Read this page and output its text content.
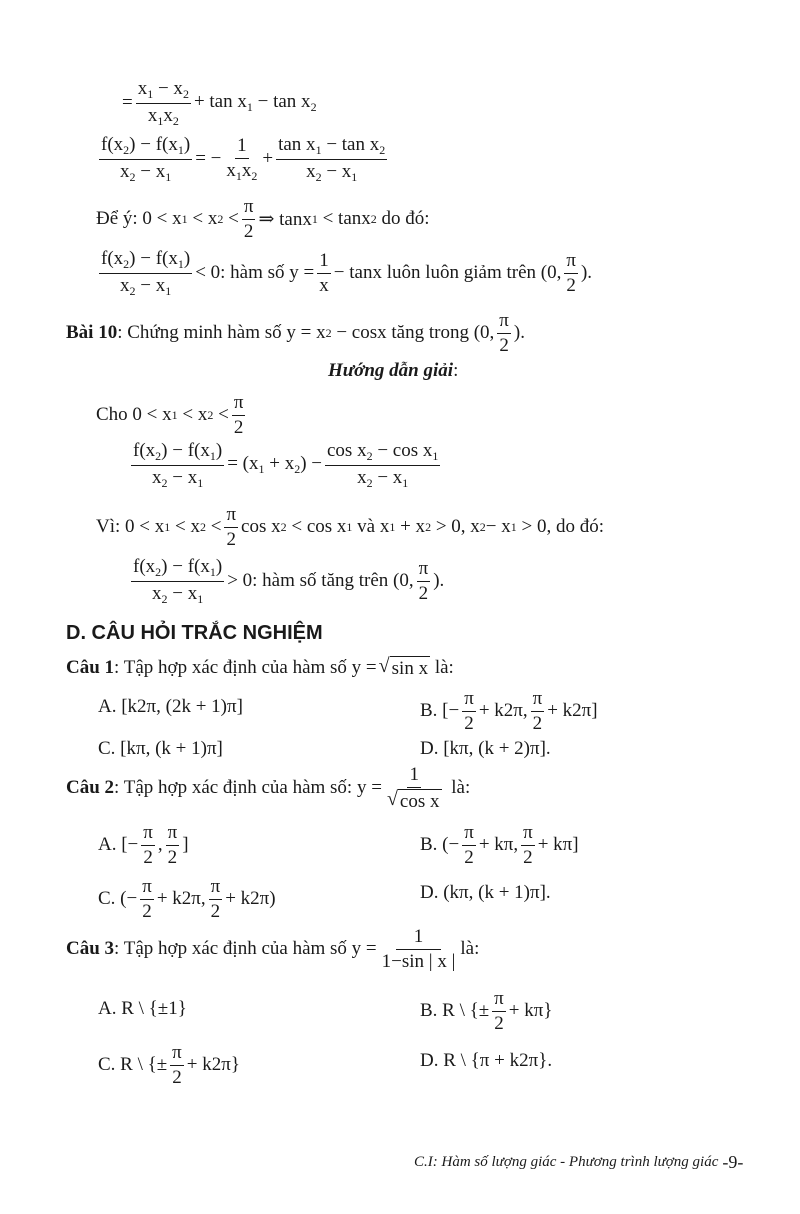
= $\frac{x_1 - x_2}{x_1x_2} + \tan x_1 - \tan x_2$
$\frac{f(x_2) - f(x_1)}{x_2 - x_1}$ = − $\frac{1}{x_1x_2} + \frac{\tan x_1 - \tan x_2}{x_2 - x_1}$
Để ý: 0 < x 1 < x $2 < \frac{\pi}{2}$ ⇒ tanx 1 < tanx 2
do đó:
$\frac{f(x_2) - f(x_1)}{x_2 - x_1} < 0$: hàm số $y = \frac{1}{x} - \tan x$ luôn luôn giảm trên (0, $\frac{\pi}{2}$ ).
Bài 10 : Chứng minh hàm số y = x 2
− cosx tăng trong (0, $\frac{\pi}{2}$ ).
Hướng dẫn giải :
Cho 0 < x 1 < x $2 < \frac{\pi}{2}$
$\frac{f(x_2) - f(x_1)}{x_2 - x_1} = (x_1 + x_2) - \frac{\cos x_2 - \cos x_1}{x_2 - x_1}$
Vì: 0 < x 1 < x $2 < \frac{\pi}{2}$ cos x 2 < cos x 1 và x 1 + x 2 > 0, x 2 − x 1 > 0, do đó:
$\frac{f(x_2) - f(x_1)}{x_2 - x_1} > 0$: hàm số tăng trên (0, $\frac{\pi}{2}$ ).
D. CÂU HỎI TRẮC NGHIỆM
Câu 1 : Tập hợp xác định của hàm số y = √ sin x
là:
A. [k2π, (2k + 1)π]	B. [− $\frac{\pi}{2} + k2\pi$, $\frac{\pi}{2} + k2\pi$]
C. [kπ, (k + 1)π]	D. [kπ, (k + 2)π].
Câu 2 : Tập hợp xác định của hàm số: $y = \frac{1}{\text{√ cos x}}$
là:
A. [− $\frac{\pi}{2}$ , $\frac{\pi}{2}$ ]	B. (− $\frac{\pi}{2} + k\pi$, $\frac{\pi}{2} + k\pi$]
C. (− $\frac{\pi}{2} + k2\pi$, $\frac{\pi}{2} + k2\pi$)	D. (kπ, (k + 1)π].
Câu 3 : Tập hợp xác định của hàm số $y = \frac{1}{1-\sin | x |}$ là:
A. R \ {±1}	B. R \ {± $\frac{\pi}{2} + k\pi$}
C. R \ {± $\frac{\pi}{2} + k2\pi$}	D. R \ {π + k2π}.
C.I: Hàm số lượng giác - Phương trình lượng giác -9-
